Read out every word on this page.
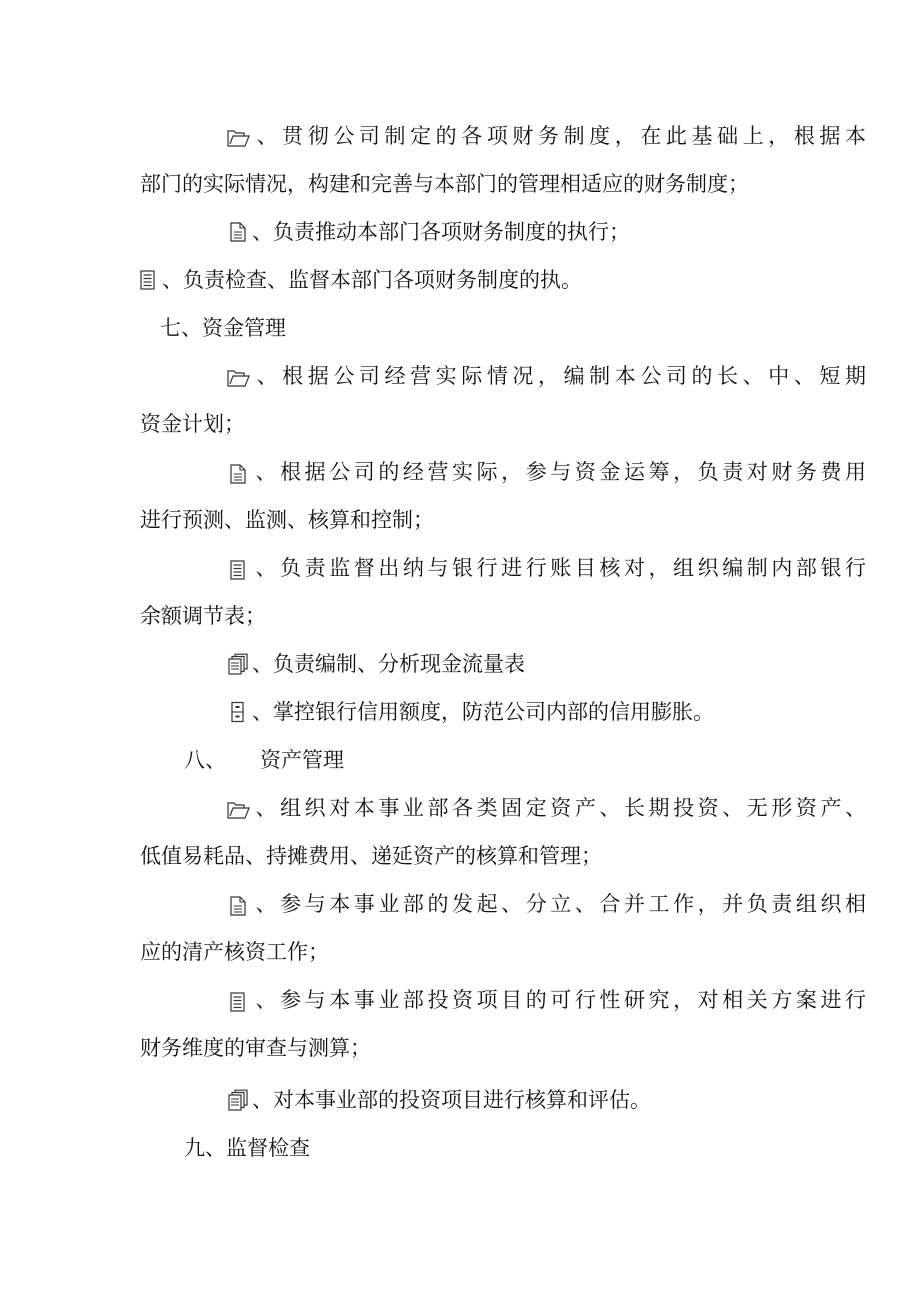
、贯彻公司制定的各项财务制度，在此基础上，根据本
部门的实际情况，构建和完善与本部门的管理相适应的财务制度；
、负责推动本部门各项财务制度的执行；
、负责检查、监督本部门各项财务制度的执。
七、资金管理
、根据公司经营实际情况，编制本公司的长、中、短期
资金计划；
、根据公司的经营实际，参与资金运筹，负责对财务费用
进行预测、监测、核算和控制；
、负责监督出纳与银行进行账目核对，组织编制内部银行
余额调节表；
、负责编制、分析现金流量表
、掌控银行信用额度，防范公司内部的信用膨胀。
八、 资产管理
、组织对本事业部各类固定资产、长期投资、无形资产、
低值易耗品、持摊费用、递延资产的核算和管理；
、参与本事业部的发起、分立、合并工作，并负责组织相
应的清产核资工作；
、参与本事业部投资项目的可行性研究，对相关方案进行
财务维度的审查与测算；
、对本事业部的投资项目进行核算和评估。
九、监督检查
